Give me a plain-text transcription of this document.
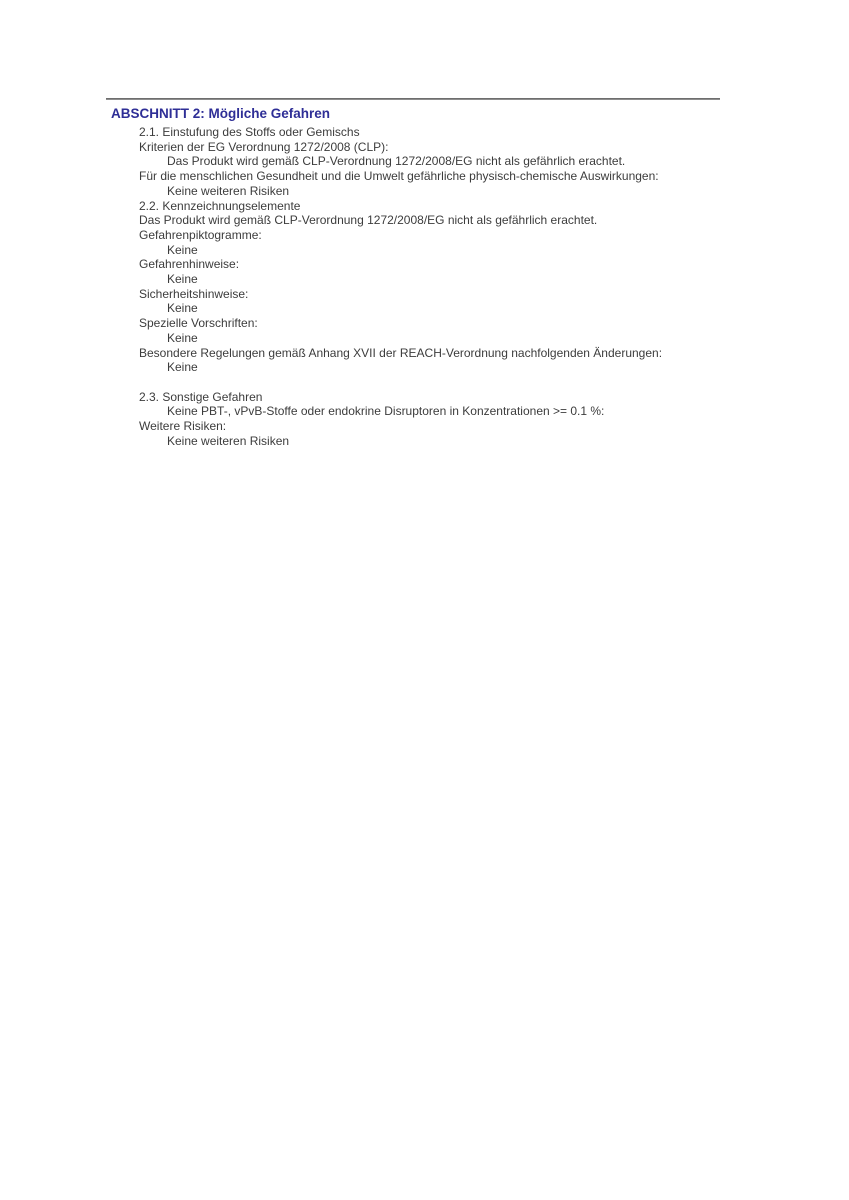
ABSCHNITT 2: Mögliche Gefahren
2.1. Einstufung des Stoffs oder Gemischs
Kriterien der EG Verordnung 1272/2008 (CLP):
Das Produkt wird gemäß CLP-Verordnung 1272/2008/EG nicht als gefährlich erachtet.
Für die menschlichen Gesundheit und die Umwelt gefährliche physisch-chemische Auswirkungen:
Keine weiteren Risiken
2.2. Kennzeichnungselemente
Das Produkt wird gemäß CLP-Verordnung 1272/2008/EG nicht als gefährlich erachtet.
Gefahrenpiktogramme:
Keine
Gefahrenhinweise:
Keine
Sicherheitshinweise:
Keine
Spezielle Vorschriften:
Keine
Besondere Regelungen gemäß Anhang XVII der REACH-Verordnung nachfolgenden Änderungen:
Keine
2.3. Sonstige Gefahren
Keine PBT-, vPvB-Stoffe oder endokrine Disruptoren in Konzentrationen >= 0.1 %:
Weitere Risiken:
Keine weiteren Risiken
